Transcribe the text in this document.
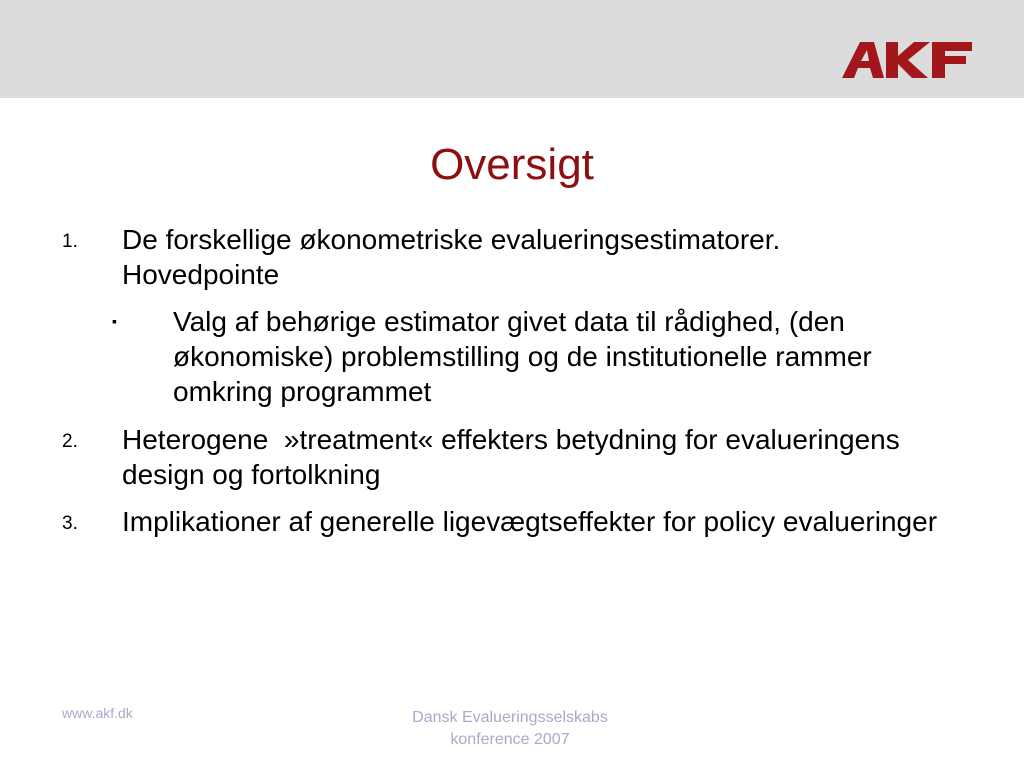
Oversigt
1. De forskellige økonometriske evalueringsestimatorer. Hovedpointe
▪ Valg af behørige estimator givet data til rådighed, (den økonomiske) problemstilling og de institutionelle rammer omkring programmet
2. Heterogene  »treatment« effekters betydning for evalueringens design og fortolkning
3. Implikationer af generelle ligevægtseffekter for policy evalueringer
www.akf.dk	Dansk Evalueringsselskabs
konference 2007
